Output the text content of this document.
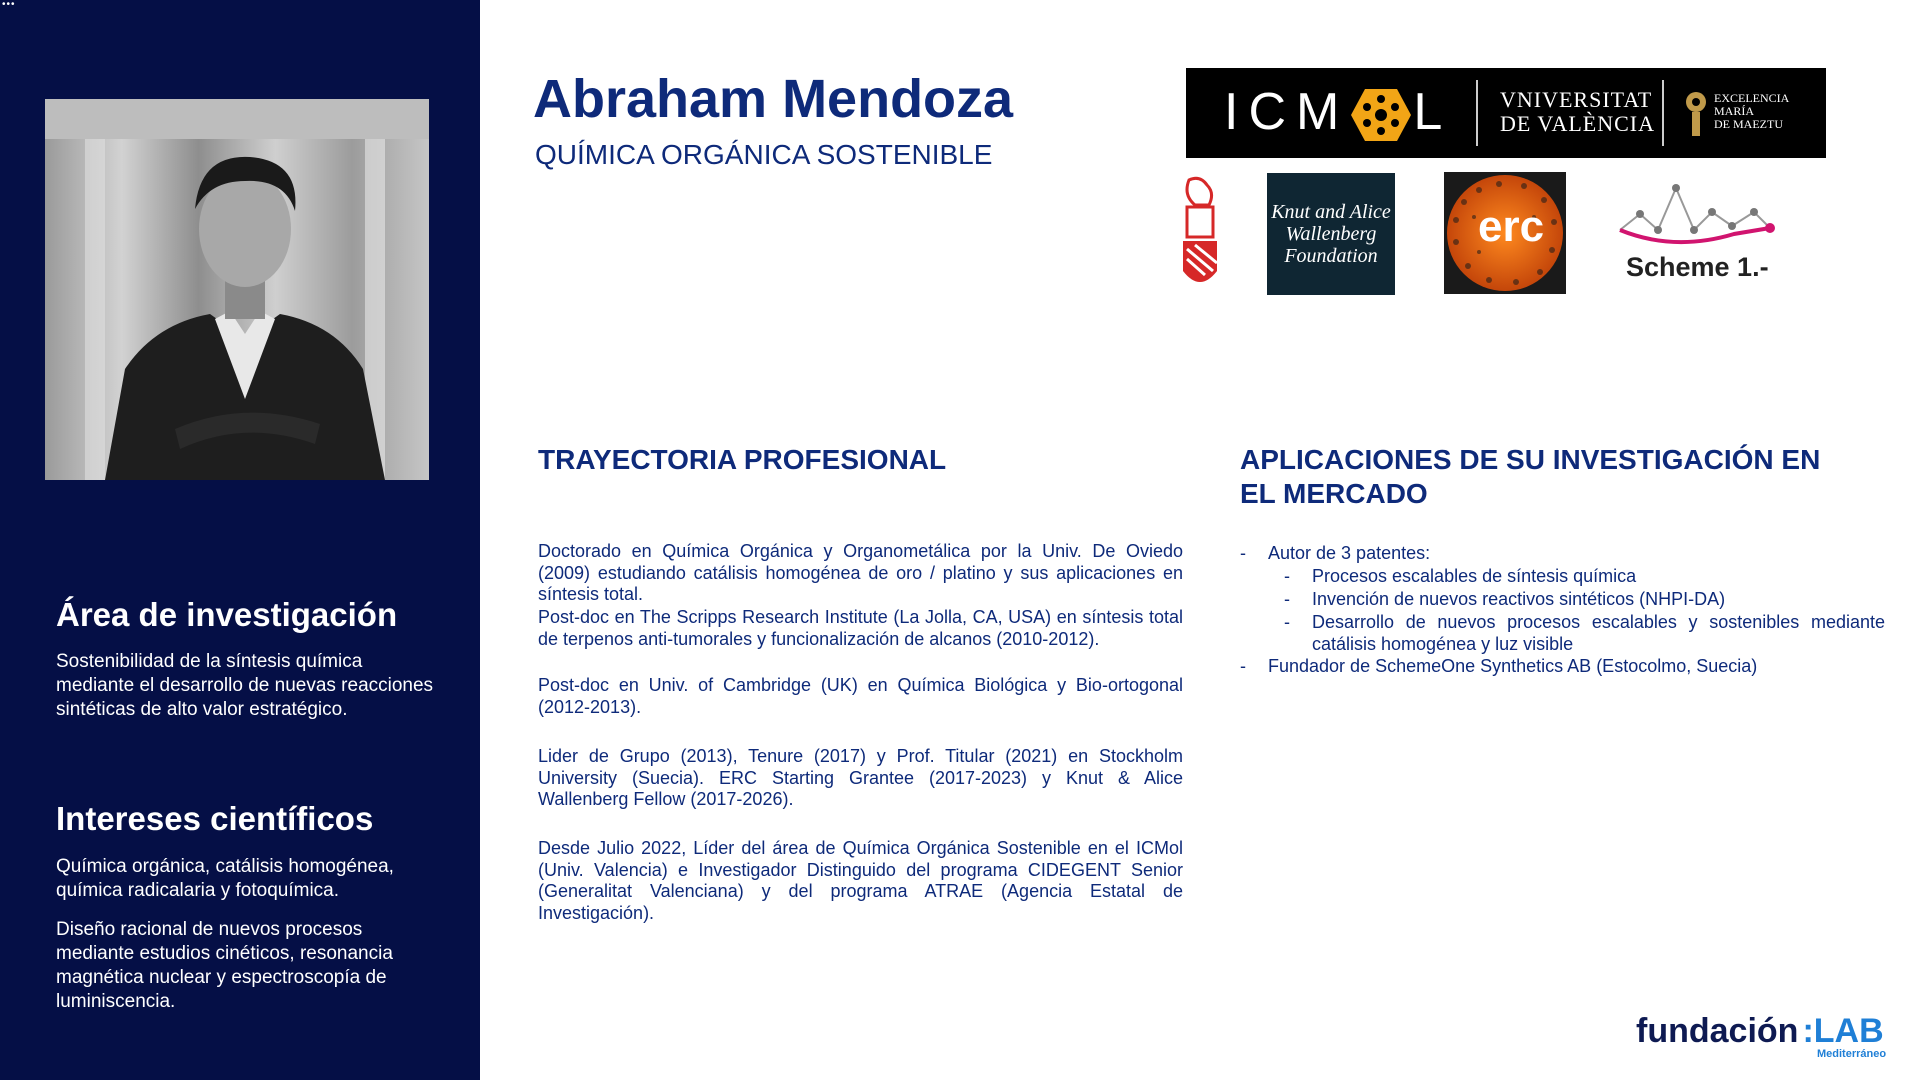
•••
Área de investigación

Sostenibilidad de la síntesis química mediante el desarrollo de nuevas reacciones sintéticas de alto valor estratégico.

Intereses científicos

Química orgánica, catálisis homogénea, química radicalaria y fotoquímica.

Diseño racional de nuevos procesos mediante estudios cinéticos, resonancia magnética nuclear y espectroscopía de luminiscencia.

Abraham Mendoza
QUÍMICA ORGÁNICA SOSTENIBLE
ICM L VNIVERSITAT
DE VALÈNCIA
EXCELENCIA
MARÍA
DE MAEZTU
Knut and Alice
Wallenberg
Foundation
erc
Scheme 1.-
TRAYECTORIA PROFESIONAL

Doctorado en Química Orgánica y Organometálica por la Univ. De Oviedo (2009) estudiando catálisis homogénea de oro / platino y sus aplicaciones en síntesis total.

Post-doc en The Scripps Research Institute (La Jolla, CA, USA) en síntesis total de terpenos anti-tumorales y funcionalización de alcanos (2010-2012).

Post-doc en Univ. of Cambridge (UK) en Química Biológica y Bio-ortogonal (2012-2013).

Lider de Grupo (2013), Tenure (2017) y Prof. Titular (2021) en Stockholm University (Suecia). ERC Starting Grantee (2017-2023) y Knut & Alice Wallenberg Fellow (2017-2026).

Desde Julio 2022, Líder del área de Química Orgánica Sostenible en el ICMol (Univ. Valencia) e Investigador Distinguido del programa CIDEGENT Senior (Generalitat Valenciana) y del programa ATRAE (Agencia Estatal de Investigación).

APLICACIONES DE SU INVESTIGACIÓN EN
EL MERCADO
- Autor de 3 patentes:
- Procesos escalables de síntesis química
- Invención de nuevos reactivos sintéticos (NHPI-DA)
- Desarrollo de nuevos procesos escalables y sostenibles mediante catálisis homogénea y luz visible
- Fundador de SchemeOne Synthetics AB (Estocolmo, Suecia)
fundación :LAB
Mediterráneo
